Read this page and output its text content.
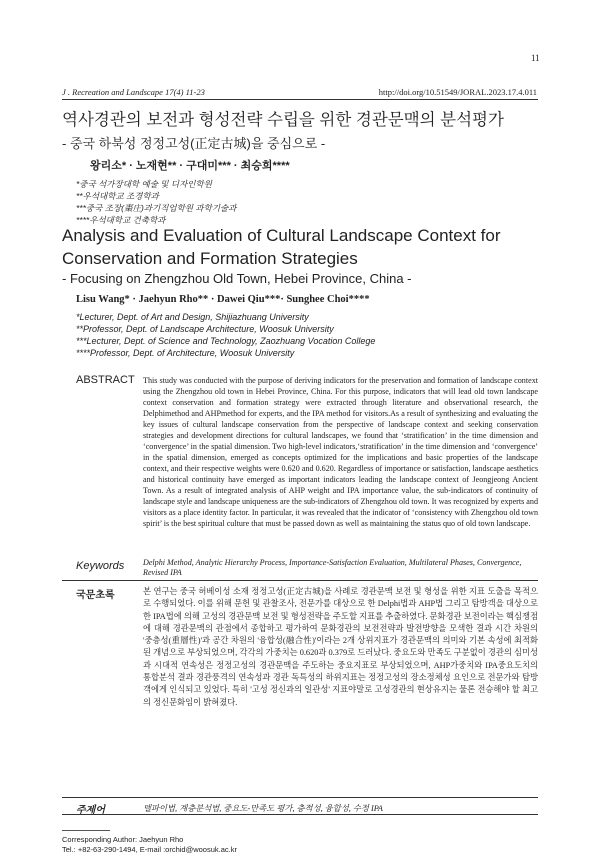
11
J . Recreation and Landscape 17(4) 11-23	http://doi.org/10.51549/JORAL.2023.17.4.011
역사경관의 보전과 형성전략 수립을 위한 경관문맥의 분석평가
- 중국 하북성 정정고성(正定古城)을 중심으로 -
왕리소* · 노재현** · 구대미*** · 최승희****
*중국 석가장대학 예술 및 디자인학원
**우석대학교 조경학과
***중국 조장(棗庄)과기직업학원 과학기술과
****우석대학교 건축학과
Analysis and Evaluation of Cultural Landscape Context for Conservation and Formation Strategies
- Focusing on Zhengzhou Old Town, Hebei Province, China -
Lisu Wang* · Jaehyun Rho** · Dawei Qiu***· Sunghee Choi****
*Lecturer, Dept. of Art and Design, Shijiazhuang University
**Professor, Dept. of Landscape Architecture, Woosuk University
***Lecturer, Dept. of Science and Technology, Zaozhuang Vocation College
****Professor, Dept. of Architecture, Woosuk University
ABSTRACT This study was conducted with the purpose of deriving indicators for the preservation and formation of landscape context using the Zhengzhou old town in Hebei Province, China. For this purpose, indicators that will lead old town landscape context conservation and formation strategy were extracted through literature and observational research, the Delphimethod and AHPmethod for experts, and the IPA method for visitors.As a result of synthesizing and evaluating the key issues of cultural landscape conservation from the perspective of landscape context and seeking conservation strategies and development directions for cultural landscapes, we found that ‘stratification’ in the time dimension and ‘convergence’ in the spatial dimension. Two high-level indicators,‘stratification’ in the time dimension and ‘convergence’ in the spatial dimension, emerged as concepts optimized for the implications and basic properties of the landscape context, and their respective weights were 0.620 and 0.620. Regardless of importance or satisfaction, landscape aesthetics and historical continuity have emerged as important indicators leading the landscape context of Jeongjeong Ancient Town. As a result of integrated analysis of AHP weight and IPA importance value, the sub-indicators of continuity of landscape style and landscape uniqueness are the sub-indicators of Zhengzhou old town. It was recognized by experts and visitors as a place identity factor. In particular, it was revealed that the indicator of ‘consistency with Zhengzhou old town spirit’ is the best spiritual culture that must be passed down as well as maintaining the status quo of old town landscape.
Keywords Delphi Method, Analytic Hierarchy Process, Importance-Satisfaction Evaluation, Multilateral Phases, Convergence, Revised IPA
국문초록	본 연구는 중국 허베이성 소재 정정고성(正定古城)을 사례로 경관문맥 보전 및 형성을 위한 지표 도출을 목적으로 수행되었다. 이를 위해 문헌 및 관찰조사, 전문가를 대상으로 한 Delphi법과 AHP법 그리고 탐방객을 대상으로 한 IPA법에 의해 고성의 경관문맥 보전 및 형성전략을 주도할 지표를 추출하였다. 문화경관 보전이라는 핵심쟁점에 대해 경관문맥의 관점에서 종합하고 평가하여 문화경관의 보전전략과 발전방향을 모색한 결과 시간 차원의 '중층성(重層性)'과 공간 차원의 '융합성(融合性)'이라는 2개 상위지표가 경관문맥의 의미와 기본 속성에 최적화된 개념으로 부상되었으며, 각각의 가중치는 0.620과 0.379로 드러났다. 중요도와 만족도 구분없이 경관의 심미성과 시대적 연속성은 정정고성의 경관문맥을 주도하는 중요지표로 부상되었으며, AHP가중치와 IPA중요도치의 통합분석 결과 경관풍격의 연속성과 경관 독특성의 하위지표는 정정고성의 장소정체성 요인으로 전문가와 탐방객에게 인식되고 있었다. 특히 '고성 정신과의 일관성' 지표야말로 고성경관의 현상유지는 물론 전승해야 할 최고의 정신문화임이 밝혀졌다.
주제어	델파이법, 계층분석법, 중요도-만족도 평가, 층적성, 융합성, 수정 IPA
Corresponding Author: Jaehyun Rho
Tel.: +82-63-290-1494, E-mail :orchid@woosuk.ac.kr
